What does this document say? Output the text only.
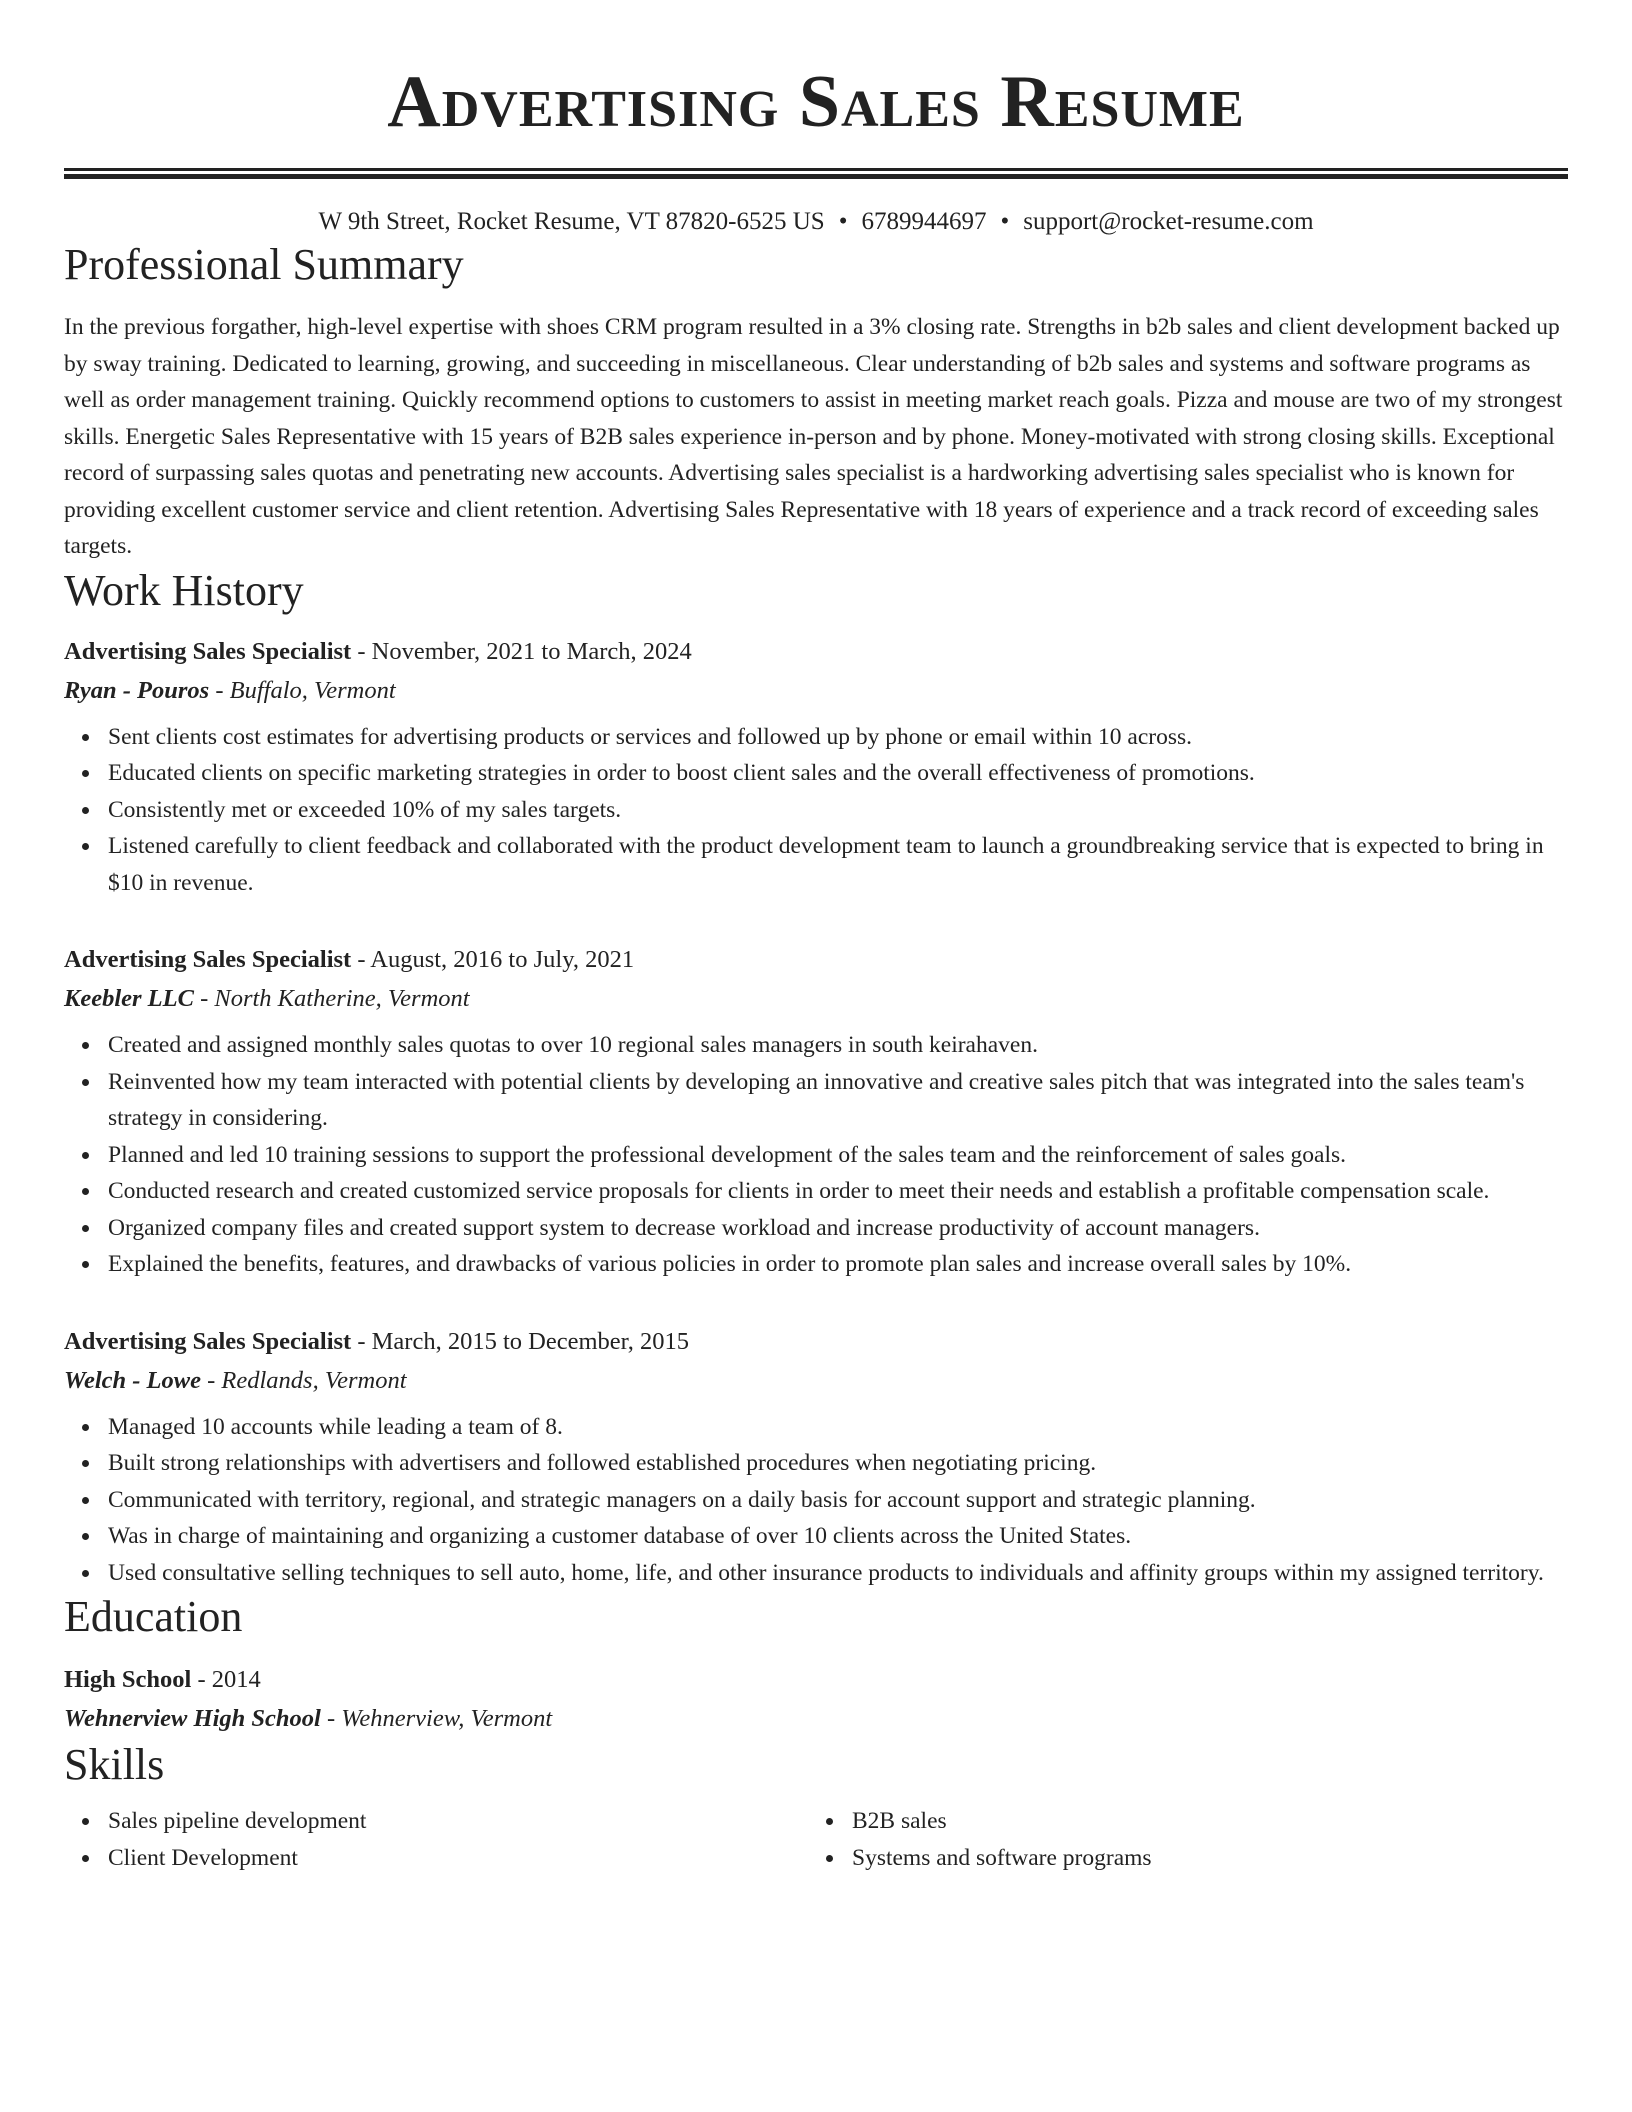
Advertising Sales Resume
W 9th Street, Rocket Resume, VT 87820-6525 US • 6789944697 • support@rocket-resume.com
Professional Summary

In the previous forgather, high-level expertise with shoes CRM program resulted in a 3% closing rate. Strengths in b2b sales and client development backed up by sway training. Dedicated to learning, growing, and succeeding in miscellaneous. Clear understanding of b2b sales and systems and software programs as well as order management training. Quickly recommend options to customers to assist in meeting market reach goals. Pizza and mouse are two of my strongest skills. Energetic Sales Representative with 15 years of B2B sales experience in-person and by phone. Money-motivated with strong closing skills. Exceptional record of surpassing sales quotas and penetrating new accounts. Advertising sales specialist is a hardworking advertising sales specialist who is known for providing excellent customer service and client retention. Advertising Sales Representative with 18 years of experience and a track record of exceeding sales targets.

Work History
Advertising Sales Specialist - November, 2021 to March, 2024
Ryan - Pouros - Buffalo, Vermont
Sent clients cost estimates for advertising products or services and followed up by phone or email within 10 across.
Educated clients on specific marketing strategies in order to boost client sales and the overall effectiveness of promotions.
Consistently met or exceeded 10% of my sales targets.
Listened carefully to client feedback and collaborated with the product development team to launch a groundbreaking service that is expected to bring in $10 in revenue.
Advertising Sales Specialist - August, 2016 to July, 2021
Keebler LLC - North Katherine, Vermont
Created and assigned monthly sales quotas to over 10 regional sales managers in south keirahaven.
Reinvented how my team interacted with potential clients by developing an innovative and creative sales pitch that was integrated into the sales team's strategy in considering.
Planned and led 10 training sessions to support the professional development of the sales team and the reinforcement of sales goals.
Conducted research and created customized service proposals for clients in order to meet their needs and establish a profitable compensation scale.
Organized company files and created support system to decrease workload and increase productivity of account managers.
Explained the benefits, features, and drawbacks of various policies in order to promote plan sales and increase overall sales by 10%.
Advertising Sales Specialist - March, 2015 to December, 2015
Welch - Lowe - Redlands, Vermont
Managed 10 accounts while leading a team of 8.
Built strong relationships with advertisers and followed established procedures when negotiating pricing.
Communicated with territory, regional, and strategic managers on a daily basis for account support and strategic planning.
Was in charge of maintaining and organizing a customer database of over 10 clients across the United States.
Used consultative selling techniques to sell auto, home, life, and other insurance products to individuals and affinity groups within my assigned territory.
Education
High School - 2014
Wehnerview High School - Wehnerview, Vermont
Skills
Sales pipeline development
Client Development
B2B sales
Systems and software programs
